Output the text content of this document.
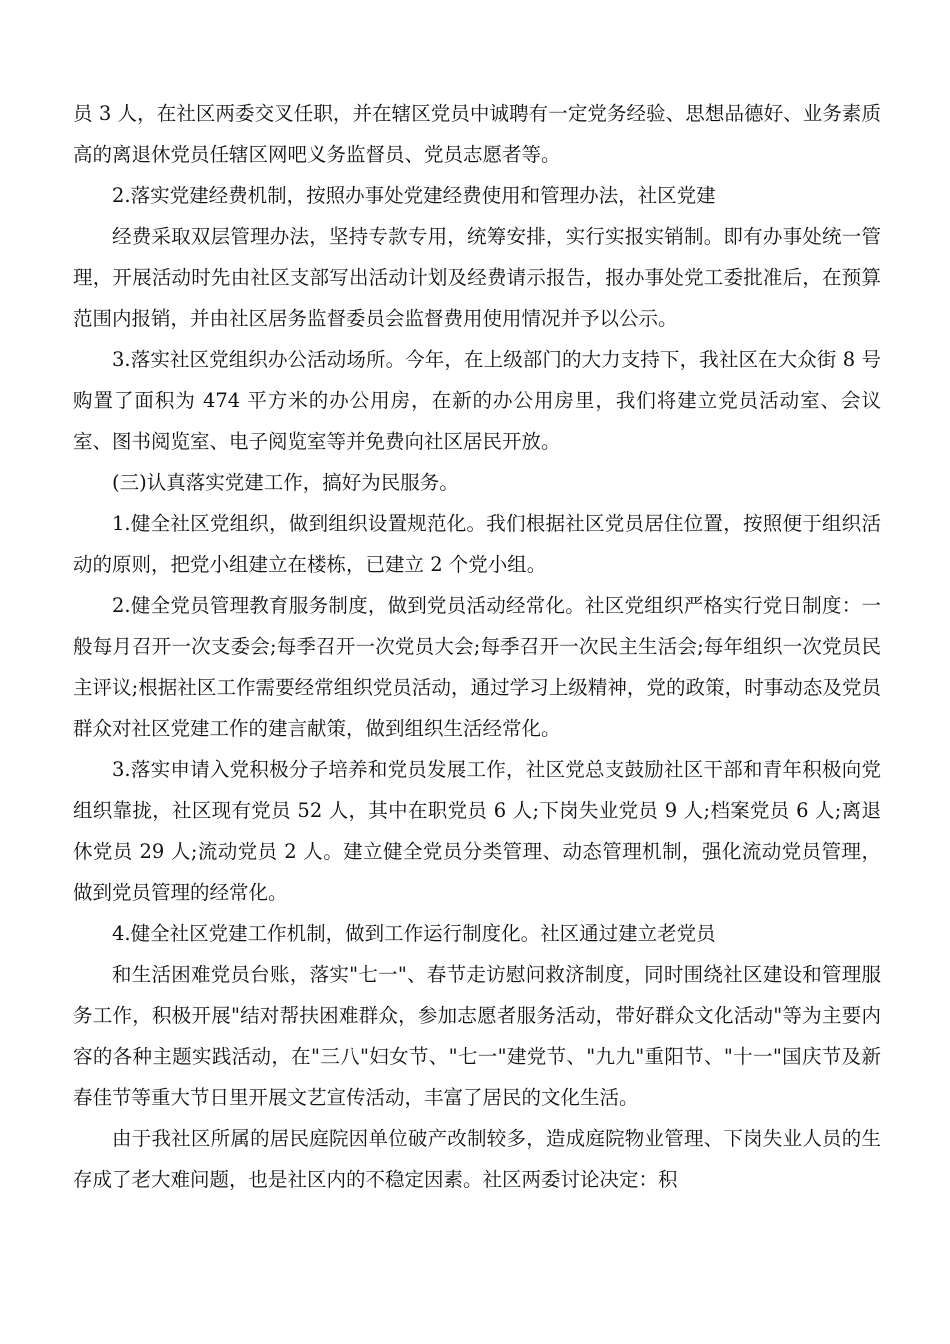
员 3 人，在社区两委交叉任职，并在辖区党员中诚聘有一定党务经验、思想品德好、业务素质高的离退休党员任辖区网吧义务监督员、党员志愿者等。

2.落实党建经费机制，按照办事处党建经费使用和管理办法，社区党建

经费采取双层管理办法，坚持专款专用，统筹安排，实行实报实销制。即有办事处统一管理，开展活动时先由社区支部写出活动计划及经费请示报告，报办事处党工委批准后，在预算范围内报销，并由社区居务监督委员会监督费用使用情况并予以公示。

3.落实社区党组织办公活动场所。今年，在上级部门的大力支持下，我社区在大众街 8 号购置了面积为 474 平方米的办公用房，在新的办公用房里，我们将建立党员活动室、会议室、图书阅览室、电子阅览室等并免费向社区居民开放。

(三)认真落实党建工作，搞好为民服务。

1.健全社区党组织，做到组织设置规范化。我们根据社区党员居住位置，按照便于组织活动的原则，把党小组建立在楼栋，已建立 2 个党小组。

2.健全党员管理教育服务制度，做到党员活动经常化。社区党组织严格实行党日制度：一般每月召开一次支委会;每季召开一次党员大会;每季召开一次民主生活会;每年组织一次党员民主评议;根据社区工作需要经常组织党员活动，通过学习上级精神，党的政策，时事动态及党员群众对社区党建工作的建言献策，做到组织生活经常化。

3.落实申请入党积极分子培养和党员发展工作，社区党总支鼓励社区干部和青年积极向党组织靠拢，社区现有党员 52 人，其中在职党员 6 人;下岗失业党员 9 人;档案党员 6 人;离退休党员 29 人;流动党员 2 人。建立健全党员分类管理、动态管理机制，强化流动党员管理，做到党员管理的经常化。

4.健全社区党建工作机制，做到工作运行制度化。社区通过建立老党员

和生活困难党员台账，落实"七一"、春节走访慰问救济制度，同时围绕社区建设和管理服务工作，积极开展"结对帮扶困难群众，参加志愿者服务活动，带好群众文化活动"等为主要内容的各种主题实践活动，在"三八"妇女节、"七一"建党节、"九九"重阳节、"十一"国庆节及新春佳节等重大节日里开展文艺宣传活动，丰富了居民的文化生活。

由于我社区所属的居民庭院因单位破产改制较多，造成庭院物业管理、下岗失业人员的生存成了老大难问题，也是社区内的不稳定因素。社区两委讨论决定：积
